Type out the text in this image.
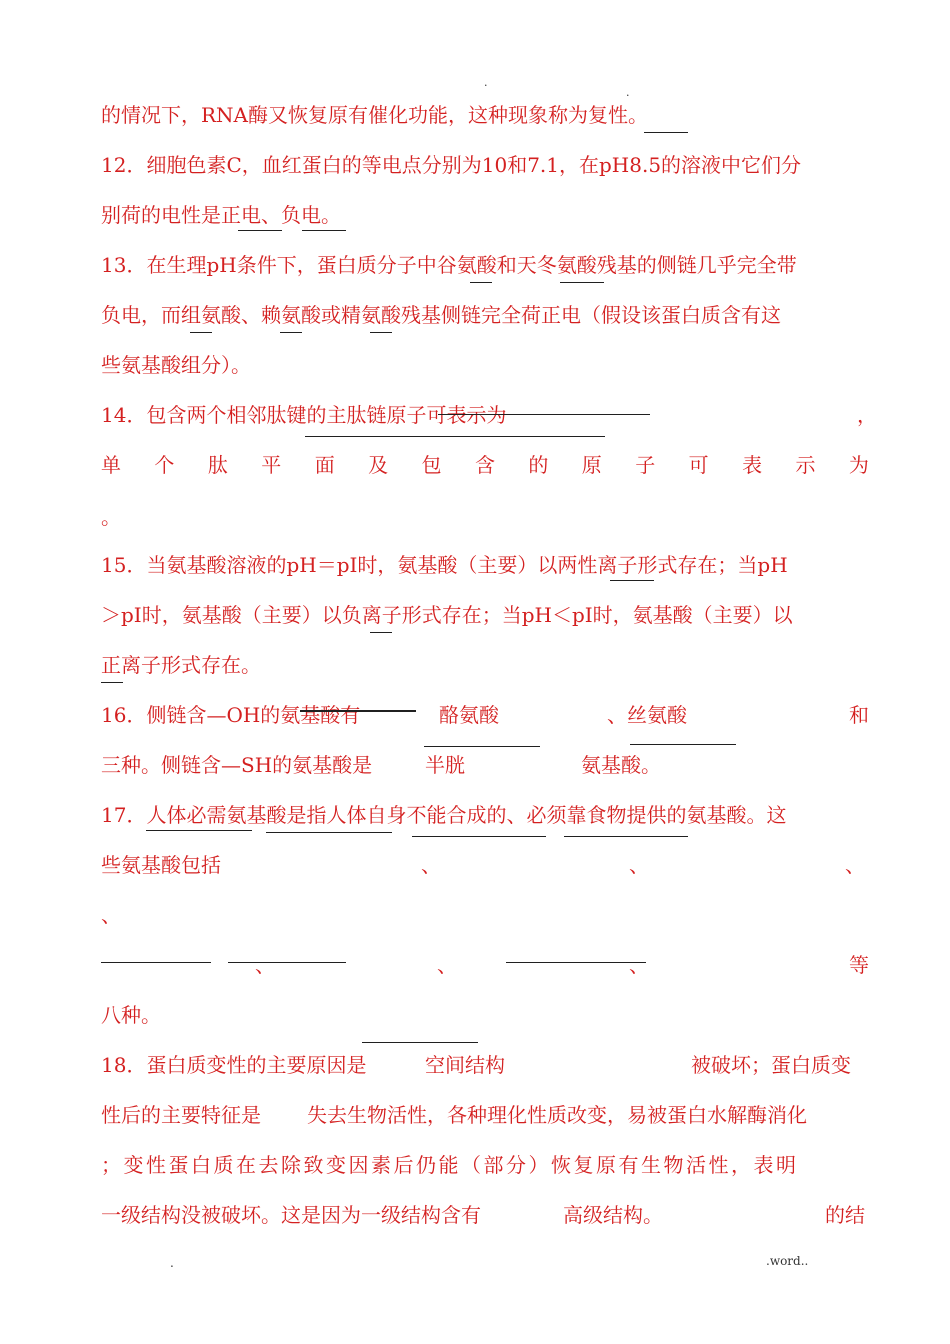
.
.
的情况下，RNA酶又恢复原有催化功能，这种现象称为复性。
12．细胞色素C，血红蛋白的等电点分别为10和7.1，在pH8.5的溶液中它们分
别荷的电性是正电、负电。
13．在生理pH条件下，蛋白质分子中谷氨酸和天冬氨酸残基的侧链几乎完全带
负电，而组氨酸、赖氨酸或精氨酸残基侧链完全荷正电（假设该蛋白质含有这
些氨基酸组分）。
14．包含两个相邻肽键的主肽链原子可表示为	，
单 个 肽 平 面 及 包 含 的 原 子 可 表 示 为
。
15．当氨基酸溶液的pH＝pI时，氨基酸（主要）以两性离子形式存在；当pH
＞pI时，氨基酸（主要）以负离子形式存在；当pH＜pI时，氨基酸（主要）以
正离子形式存在。
16．侧链含—OH的氨基酸有	酪氨酸	、丝氨酸	和
三种。侧链含—SH的氨基酸是	半胱	氨基酸。
17．人体必需氨基酸是指人体自身不能合成的、必须靠食物提供的氨基酸。这
些氨基酸包括	、	、	、
、
、	、	、	等
八种。
18．蛋白质变性的主要原因是	空间结构	被破坏；蛋白质变
性后的主要特征是 失去生物活性，各种理化性质改变，易被蛋白水解酶消化
；变性蛋白质在去除致变因素后仍能（部分）恢复原有生物活性，表明
一级结构没被破坏。这是因为一级结构含有	高级结构。	的结
.	.word..
